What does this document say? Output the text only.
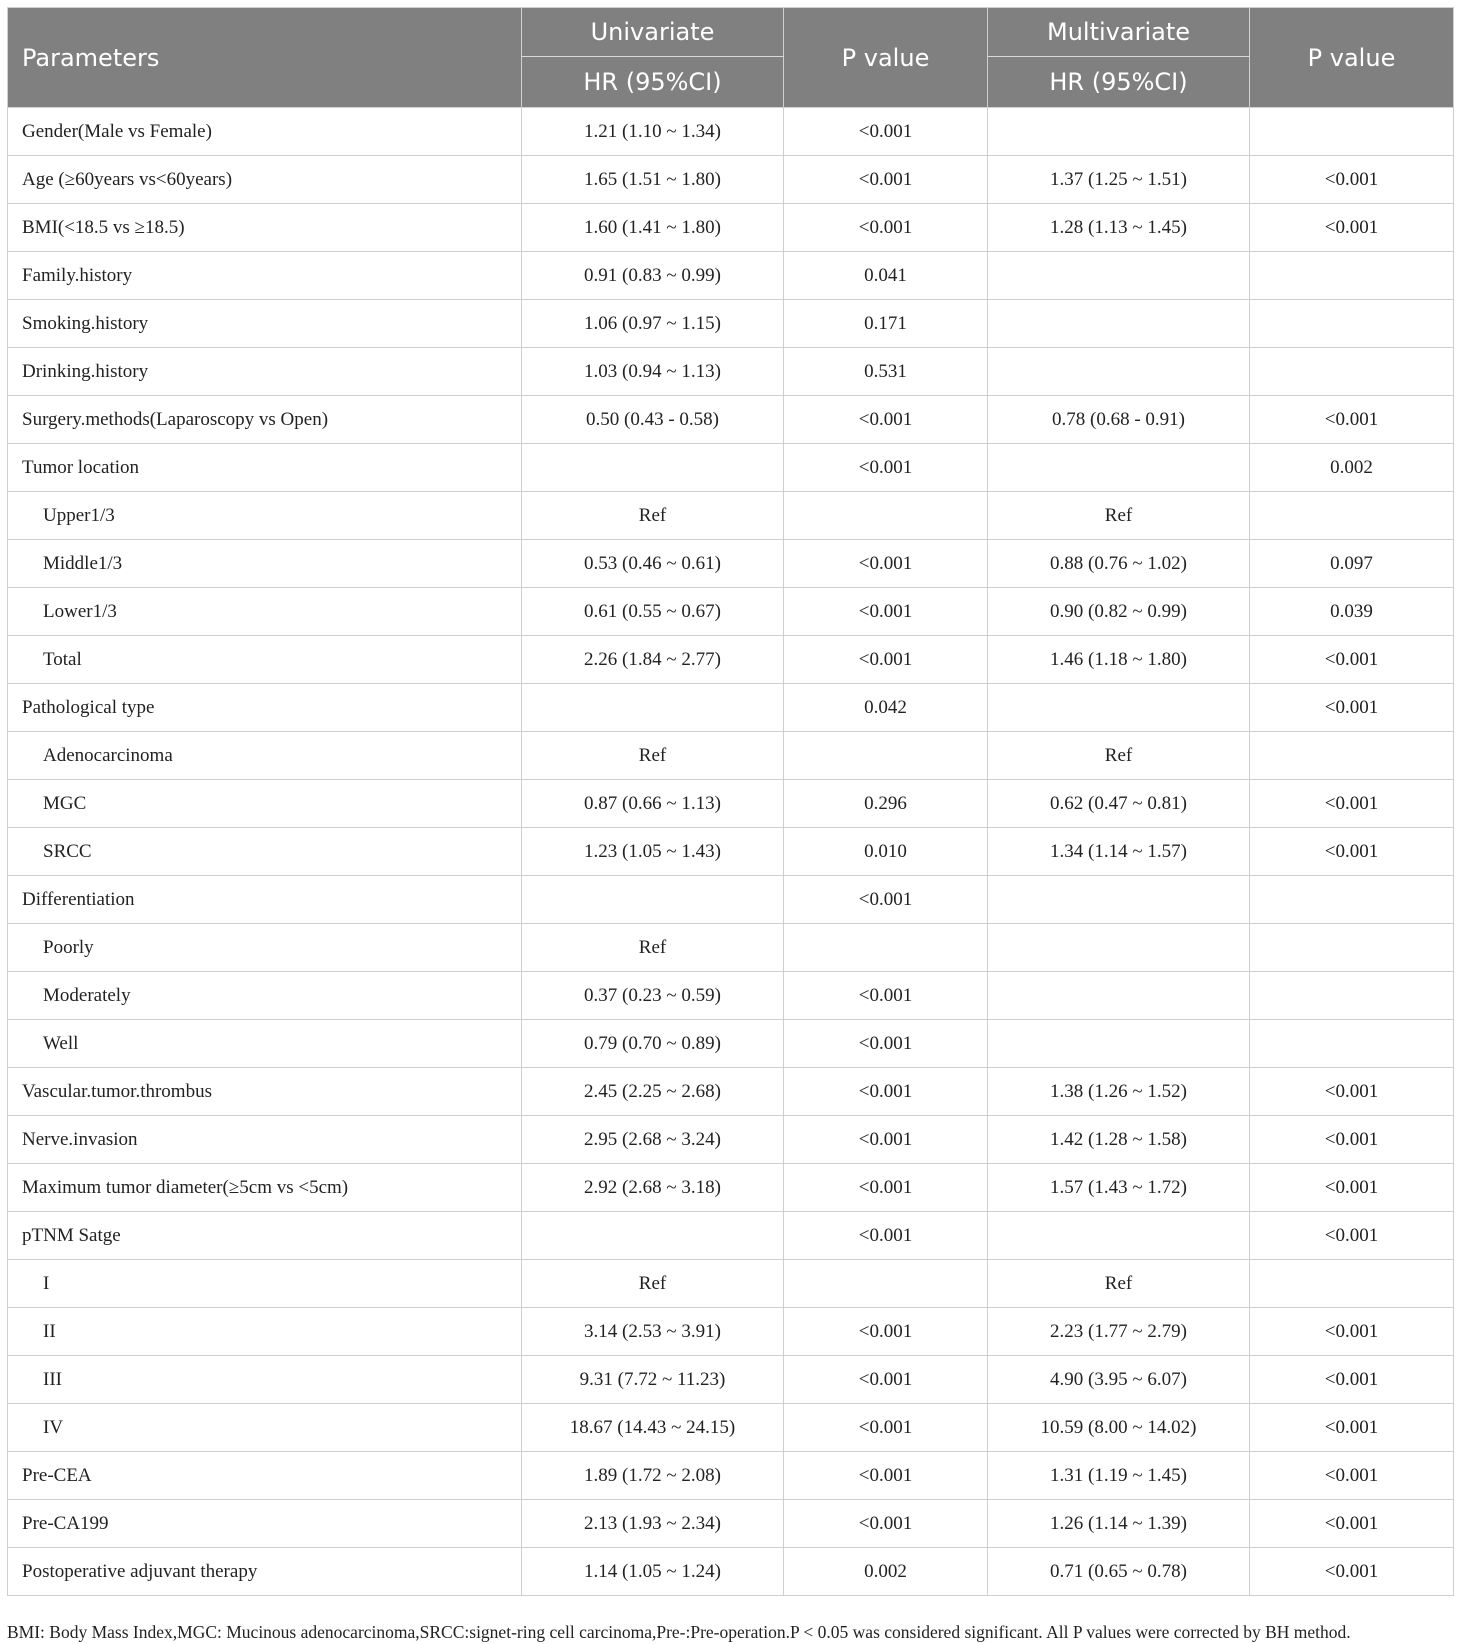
Parameters	Univariate	P value	Multivariate	P value
	HR (95%CI)		HR (95%CI)	
Gender(Male vs Female)	1.21 (1.10 ~ 1.34)	<0.001		
Age (≥60years vs<60years)	1.65 (1.51 ~ 1.80)	<0.001	1.37 (1.25 ~ 1.51)	<0.001
BMI(<18.5 vs ≥18.5)	1.60 (1.41 ~ 1.80)	<0.001	1.28 (1.13 ~ 1.45)	<0.001
Family.history	0.91 (0.83 ~ 0.99)	0.041		
Smoking.history	1.06 (0.97 ~ 1.15)	0.171		
Drinking.history	1.03 (0.94 ~ 1.13)	0.531		
Surgery.methods(Laparoscopy vs Open)	0.50 (0.43 - 0.58)	<0.001	0.78 (0.68 - 0.91)	<0.001
Tumor location		<0.001		0.002
Upper1/3	Ref		Ref	
Middle1/3	0.53 (0.46 ~ 0.61)	<0.001	0.88 (0.76 ~ 1.02)	0.097
Lower1/3	0.61 (0.55 ~ 0.67)	<0.001	0.90 (0.82 ~ 0.99)	0.039
Total	2.26 (1.84 ~ 2.77)	<0.001	1.46 (1.18 ~ 1.80)	<0.001
Pathological type		0.042		<0.001
Adenocarcinoma	Ref		Ref	
MGC	0.87 (0.66 ~ 1.13)	0.296	0.62 (0.47 ~ 0.81)	<0.001
SRCC	1.23 (1.05 ~ 1.43)	0.010	1.34 (1.14 ~ 1.57)	<0.001
Differentiation		<0.001		
Poorly	Ref			
Moderately	0.37 (0.23 ~ 0.59)	<0.001		
Well	0.79 (0.70 ~ 0.89)	<0.001		
Vascular.tumor.thrombus	2.45 (2.25 ~ 2.68)	<0.001	1.38 (1.26 ~ 1.52)	<0.001
Nerve.invasion	2.95 (2.68 ~ 3.24)	<0.001	1.42 (1.28 ~ 1.58)	<0.001
Maximum tumor diameter(≥5cm vs <5cm)	2.92 (2.68 ~ 3.18)	<0.001	1.57 (1.43 ~ 1.72)	<0.001
pTNM Satge		<0.001		<0.001
I	Ref		Ref	
II	3.14 (2.53 ~ 3.91)	<0.001	2.23 (1.77 ~ 2.79)	<0.001
III	9.31 (7.72 ~ 11.23)	<0.001	4.90 (3.95 ~ 6.07)	<0.001
IV	18.67 (14.43 ~ 24.15)	<0.001	10.59 (8.00 ~ 14.02)	<0.001
Pre-CEA	1.89 (1.72 ~ 2.08)	<0.001	1.31 (1.19 ~ 1.45)	<0.001
Pre-CA199	2.13 (1.93 ~ 2.34)	<0.001	1.26 (1.14 ~ 1.39)	<0.001
Postoperative adjuvant therapy	1.14 (1.05 ~ 1.24)	0.002	0.71 (0.65 ~ 0.78)	<0.001
BMI: Body Mass Index,MGC: Mucinous adenocarcinoma,SRCC:signet-ring cell carcinoma,Pre-:Pre-operation.P < 0.05 was considered significant. All P values were corrected by BH method.
